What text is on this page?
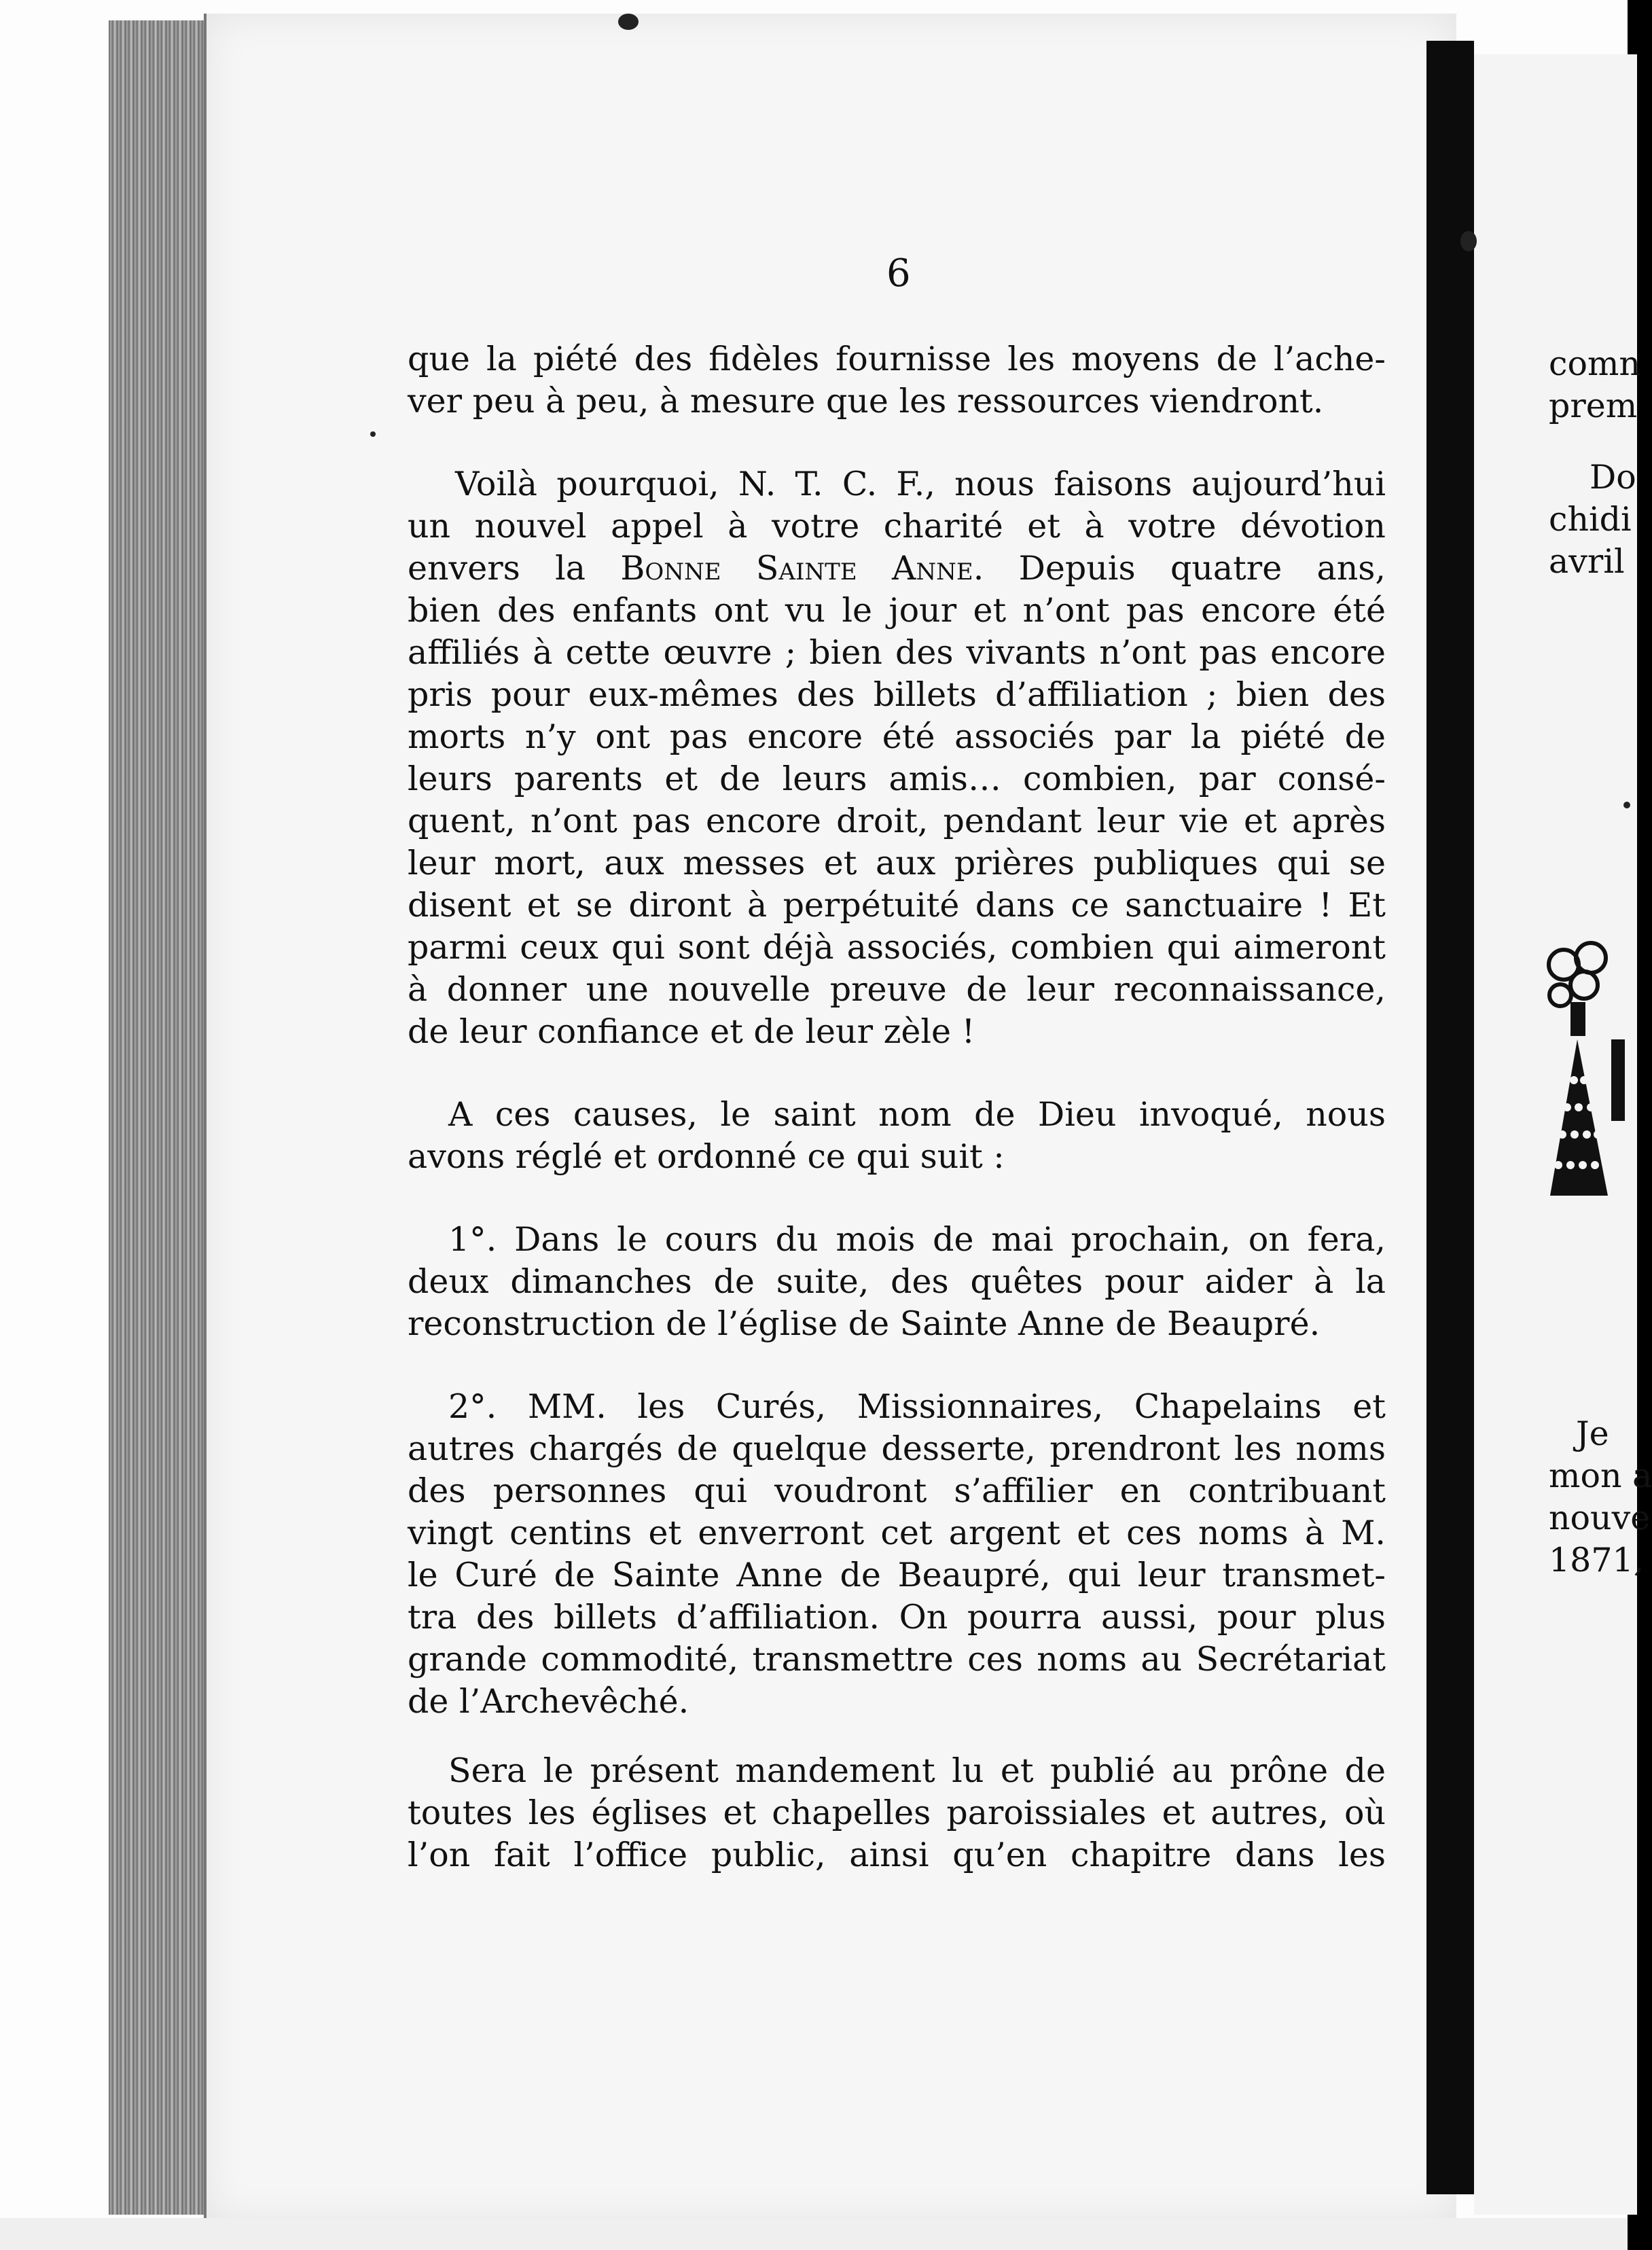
6
que la piété des fidèles fournisse les moyens de l’ache-
ver peu à peu, à mesure que les ressources viendront.
Voilà pourquoi, N. T. C. F., nous faisons aujourd’hui
un nouvel appel à votre charité et à votre dévotion
envers la Bonne Sainte Anne. Depuis quatre ans,
bien des enfants ont vu le jour et n’ont pas encore été
affiliés à cette œuvre ; bien des vivants n’ont pas encore
pris pour eux-mêmes des billets d’affiliation ; bien des
morts n’y ont pas encore été associés par la piété de
leurs parents et de leurs amis… combien, par consé-
quent, n’ont pas encore droit, pendant leur vie et après
leur mort, aux messes et aux prières publiques qui se
disent et se diront à perpétuité dans ce sanctuaire ! Et
parmi ceux qui sont déjà associés, combien qui aimeront
à donner une nouvelle preuve de leur reconnaissance,
de leur confiance et de leur zèle !
A ces causes, le saint nom de Dieu invoqué, nous
avons réglé et ordonné ce qui suit :
1°. Dans le cours du mois de mai prochain, on fera,
deux dimanches de suite, des quêtes pour aider à la
reconstruction de l’église de Sainte Anne de Beaupré.
2°. MM. les Curés, Missionnaires, Chapelains et
autres chargés de quelque desserte, prendront les noms
des personnes qui voudront s’affilier en contribuant
vingt centins et enverront cet argent et ces noms à M.
le Curé de Sainte Anne de Beaupré, qui leur transmet-
tra des billets d’affiliation. On pourra aussi, pour plus
grande commodité, transmettre ces noms au Secrétariat
de l’Archevêché.
Sera le présent mandement lu et publié au prône de
toutes les églises et chapelles paroissiales et autres, où
l’on fait l’office public, ainsi qu’en chapitre dans les
comn
prem
Do
chidi
avril
Je
mon a
nouve
1871,
